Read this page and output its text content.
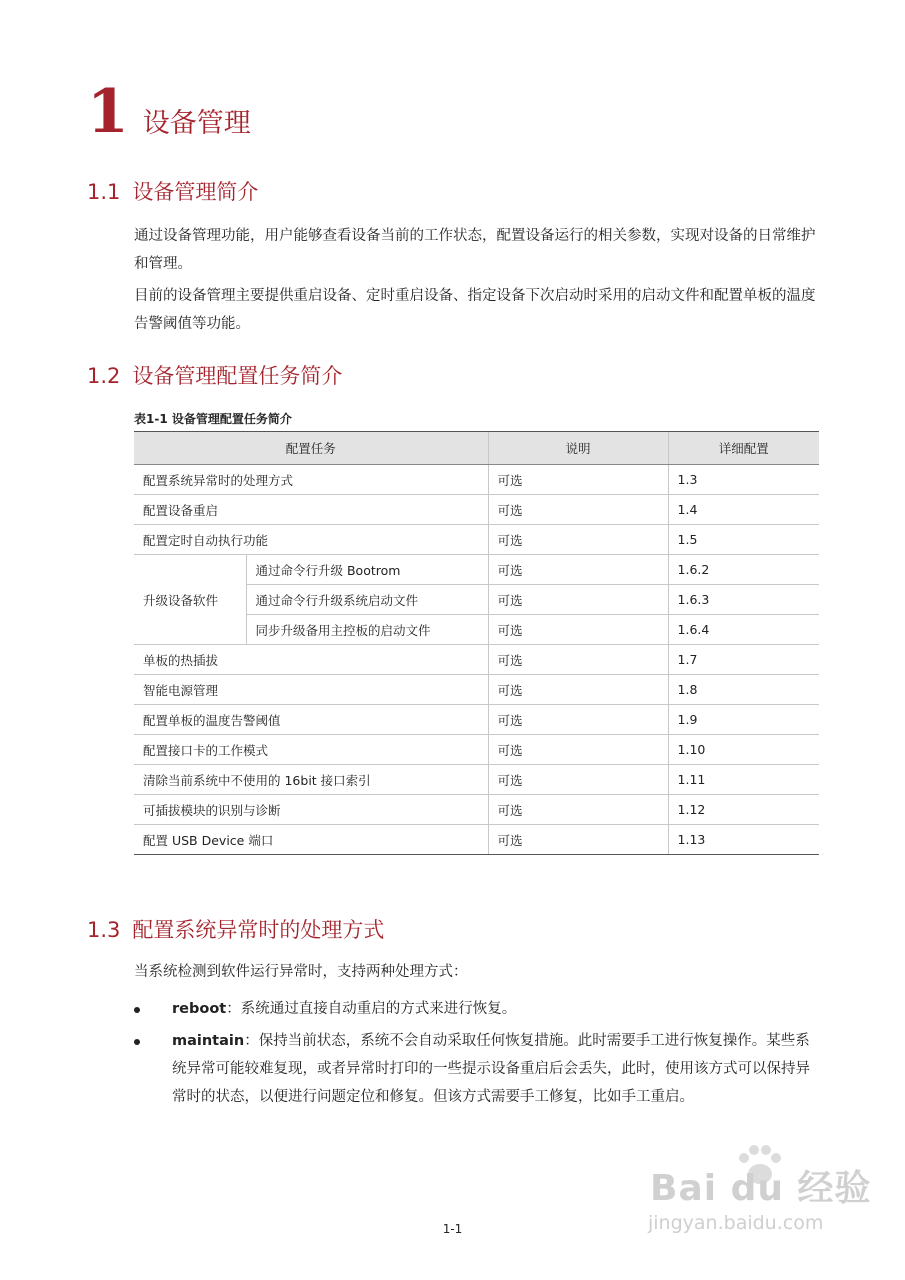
1 设备管理
1.1 设备管理简介

通过设备管理功能，用户能够查看设备当前的工作状态，配置设备运行的相关参数，实现对设备的日常维护和管理。

目前的设备管理主要提供重启设备、定时重启设备、指定设备下次启动时采用的启动文件和配置单板的温度告警阈值等功能。

1.2 设备管理配置任务简介
表1-1 设备管理配置任务简介
配置任务		说明	详细配置
配置系统异常时的处理方式		可选	1.3
配置设备重启		可选	1.4
配置定时自动执行功能		可选	1.5
升级设备软件	通过命令行升级 Bootrom	可选	1.6.2
	通过命令行升级系统启动文件	可选	1.6.3
	同步升级备用主控板的启动文件	可选	1.6.4
单板的热插拔		可选	1.7
智能电源管理		可选	1.8
配置单板的温度告警阈值		可选	1.9
配置接口卡的工作模式		可选	1.10
清除当前系统中不使用的 16bit 接口索引		可选	1.11
可插拔模块的识别与诊断		可选	1.12
配置 USB Device 端口		可选	1.13
1.3 配置系统异常时的处理方式

当系统检测到软件运行异常时，支持两种处理方式：

reboot：系统通过直接自动重启的方式来进行恢复。
maintain：保持当前状态，系统不会自动采取任何恢复措施。此时需要手工进行恢复操作。某些系统异常可能较难复现，或者异常时打印的一些提示设备重启后会丢失，此时，使用该方式可以保持异常时的状态，以便进行问题定位和修复。但该方式需要手工修复，比如手工重启。
1-1
Bai du 经验
jingyan.baidu.com
